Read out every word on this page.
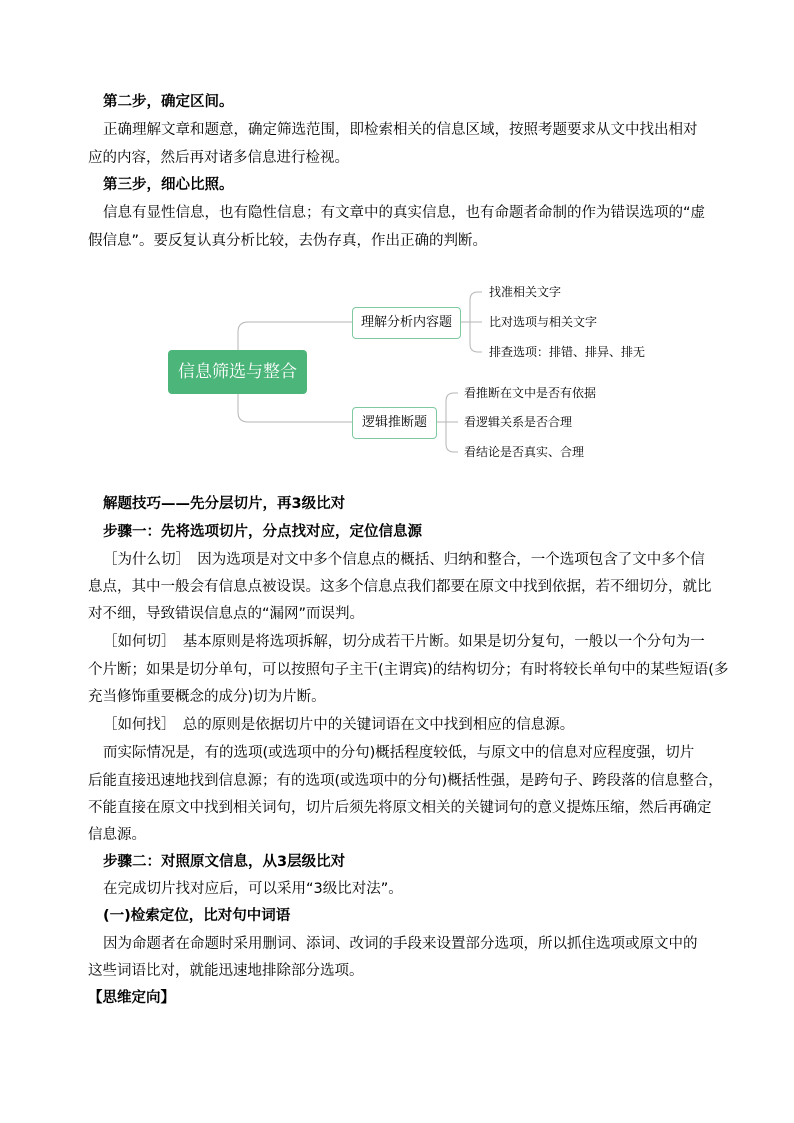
第二步，确定区间。
正确理解文章和题意，确定筛选范围，即检索相关的信息区域，按照考题要求从文中找出相对
应的内容，然后再对诸多信息进行检视。
第三步，细心比照。
信息有显性信息，也有隐性信息；有文章中的真实信息，也有命题者命制的作为错误选项的“虚
假信息”。要反复认真分析比较，去伪存真，作出正确的判断。
信息筛选与整合
理解分析内容题
找准相关文字
比对选项与相关文字
排查选项：排错、排异、排无
逻辑推断题
看推断在文中是否有依据
看逻辑关系是否合理
看结论是否真实、合理
解题技巧——先分层切片，再3级比对
步骤一：先将选项切片，分点找对应，定位信息源
［为什么切］　因为选项是对文中多个信息点的概括、归纳和整合，一个选项包含了文中多个信
息点，其中一般会有信息点被设误。这多个信息点我们都要在原文中找到依据，若不细切分，就比
对不细，导致错误信息点的“漏网”而误判。
［如何切］　基本原则是将选项拆解，切分成若干片断。如果是切分复句，一般以一个分句为一
个片断；如果是切分单句，可以按照句子主干(主谓宾)的结构切分；有时将较长单句中的某些短语(多
充当修饰重要概念的成分)切为片断。
［如何找］　总的原则是依据切片中的关键词语在文中找到相应的信息源。
而实际情况是，有的选项(或选项中的分句)概括程度较低，与原文中的信息对应程度强，切片
后能直接迅速地找到信息源；有的选项(或选项中的分句)概括性强，是跨句子、跨段落的信息整合，
不能直接在原文中找到相关词句，切片后须先将原文相关的关键词句的意义提炼压缩，然后再确定
信息源。
步骤二：对照原文信息，从3层级比对
在完成切片找对应后，可以采用“3级比对法”。
(一)检索定位，比对句中词语
因为命题者在命题时采用删词、添词、改词的手段来设置部分选项，所以抓住选项或原文中的
这些词语比对，就能迅速地排除部分选项。
【思维定向】
